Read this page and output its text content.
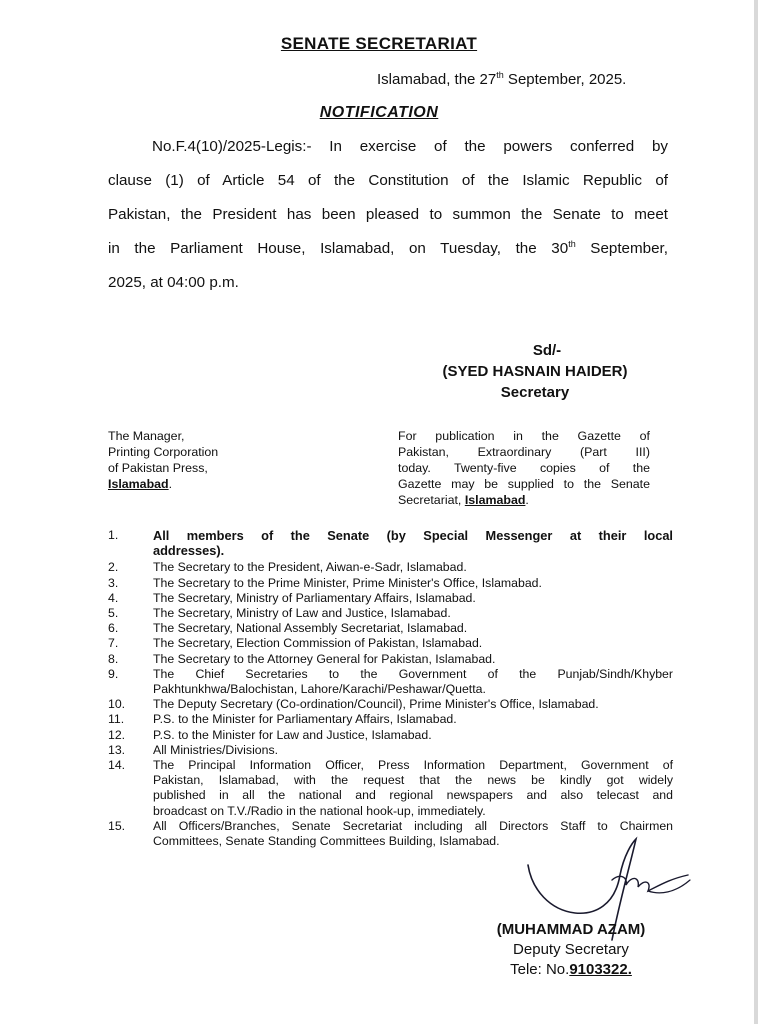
SENATE SECRETARIAT
Islamabad, the 27th September, 2025.
NOTIFICATION
No.F.4(10)/2025-Legis:- In exercise of the powers conferred by
clause (1) of Article 54 of the Constitution of the Islamic Republic of
Pakistan, the President has been pleased to summon the Senate to meet
in the Parliament House, Islamabad, on Tuesday, the 30th September,
2025, at 04:00 p.m.
Sd/-
(SYED HASNAIN HAIDER)
Secretary
The Manager,
Printing Corporation
of Pakistan Press,
Islamabad.
For publication in the Gazette of
Pakistan, Extraordinary (Part III)
today. Twenty-five copies of the
Gazette may be supplied to the Senate
Secretariat, Islamabad.
1.	All members of the Senate (by Special Messenger at their local
addresses).
2.	The Secretary to the President, Aiwan-e-Sadr, Islamabad.
3.	The Secretary to the Prime Minister, Prime Minister's Office, Islamabad.
4.	The Secretary, Ministry of Parliamentary Affairs, Islamabad.
5.	The Secretary, Ministry of Law and Justice, Islamabad.
6.	The Secretary, National Assembly Secretariat, Islamabad.
7.	The Secretary, Election Commission of Pakistan, Islamabad.
8.	The Secretary to the Attorney General for Pakistan, Islamabad.
9.	The Chief Secretaries to the Government of the Punjab/Sindh/Khyber
Pakhtunkhwa/Balochistan, Lahore/Karachi/Peshawar/Quetta.
10.	The Deputy Secretary (Co-ordination/Council), Prime Minister's Office, Islamabad.
11.	P.S. to the Minister for Parliamentary Affairs, Islamabad.
12.	P.S. to the Minister for Law and Justice, Islamabad.
13.	All Ministries/Divisions.
14.	The Principal Information Officer, Press Information Department, Government of
Pakistan, Islamabad, with the request that the news be kindly got widely
published in all the national and regional newspapers and also telecast and
broadcast on T.V./Radio in the national hook-up, immediately.
15.	All Officers/Branches, Senate Secretariat including all Directors Staff to Chairmen
Committees, Senate Standing Committees Building, Islamabad.
(MUHAMMAD AZAM)
Deputy Secretary
Tele: No.9103322.
